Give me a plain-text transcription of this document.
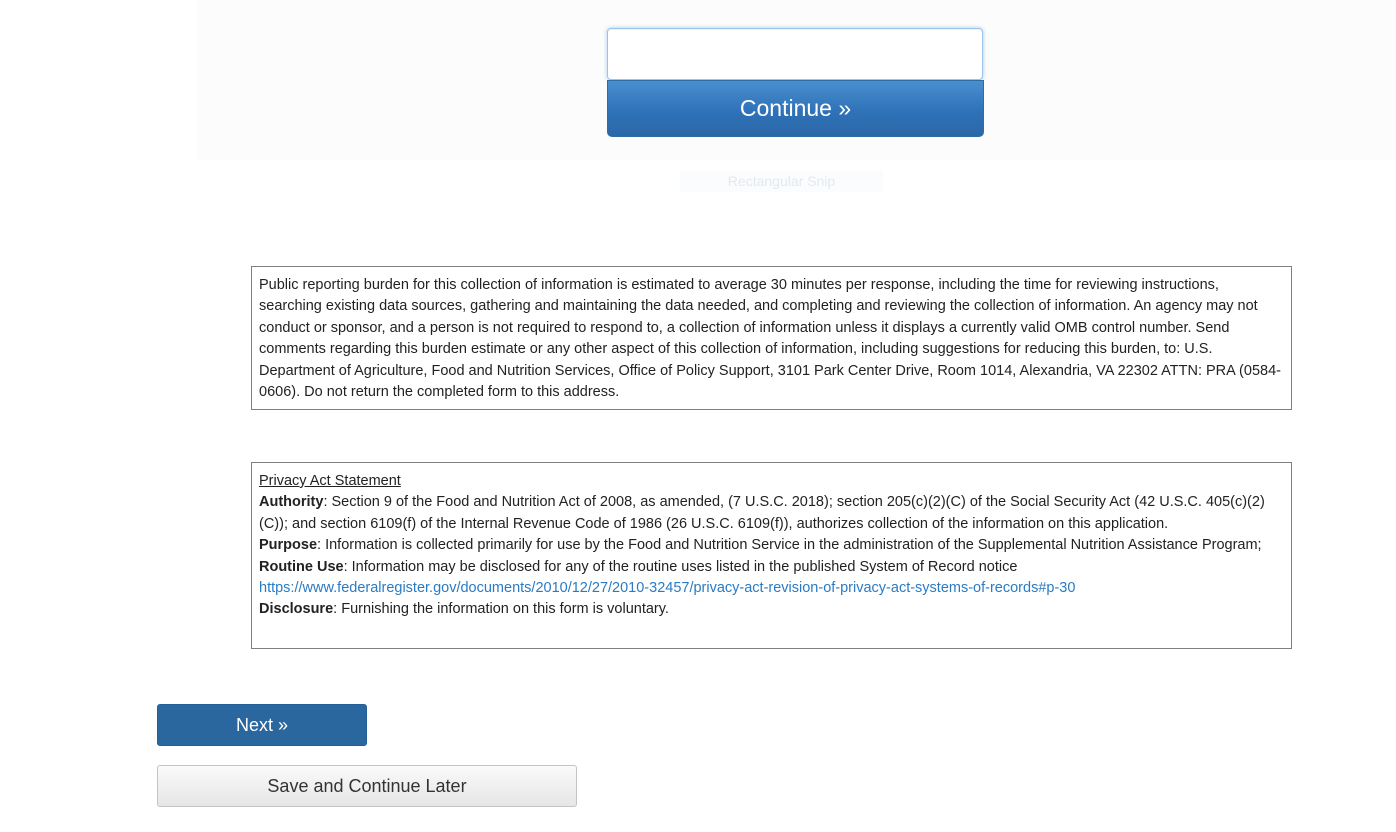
Continue »
Rectangular Snip
Public reporting burden for this collection of information is estimated to average 30 minutes per response, including the time for reviewing instructions, searching existing data sources, gathering and maintaining the data needed, and completing and reviewing the collection of information. An agency may not conduct or sponsor, and a person is not required to respond to, a collection of information unless it displays a currently valid OMB control number. Send comments regarding this burden estimate or any other aspect of this collection of information, including suggestions for reducing this burden, to: U.S. Department of Agriculture, Food and Nutrition Services, Office of Policy Support, 3101 Park Center Drive, Room 1014, Alexandria, VA 22302 ATTN: PRA (0584-0606). Do not return the completed form to this address.
Privacy Act Statement
Authority: Section 9 of the Food and Nutrition Act of 2008, as amended, (7 U.S.C. 2018); section 205(c)(2)(C) of the Social Security Act (42 U.S.C. 405(c)(2)(C)); and section 6109(f) of the Internal Revenue Code of 1986 (26 U.S.C. 6109(f)), authorizes collection of the information on this application.
Purpose: Information is collected primarily for use by the Food and Nutrition Service in the administration of the Supplemental Nutrition Assistance Program;
Routine Use: Information may be disclosed for any of the routine uses listed in the published System of Record notice
https://www.federalregister.gov/documents/2010/12/27/2010-32457/privacy-act-revision-of-privacy-act-systems-of-records#p-30
Disclosure: Furnishing the information on this form is voluntary.
Next »
Save and Continue Later
